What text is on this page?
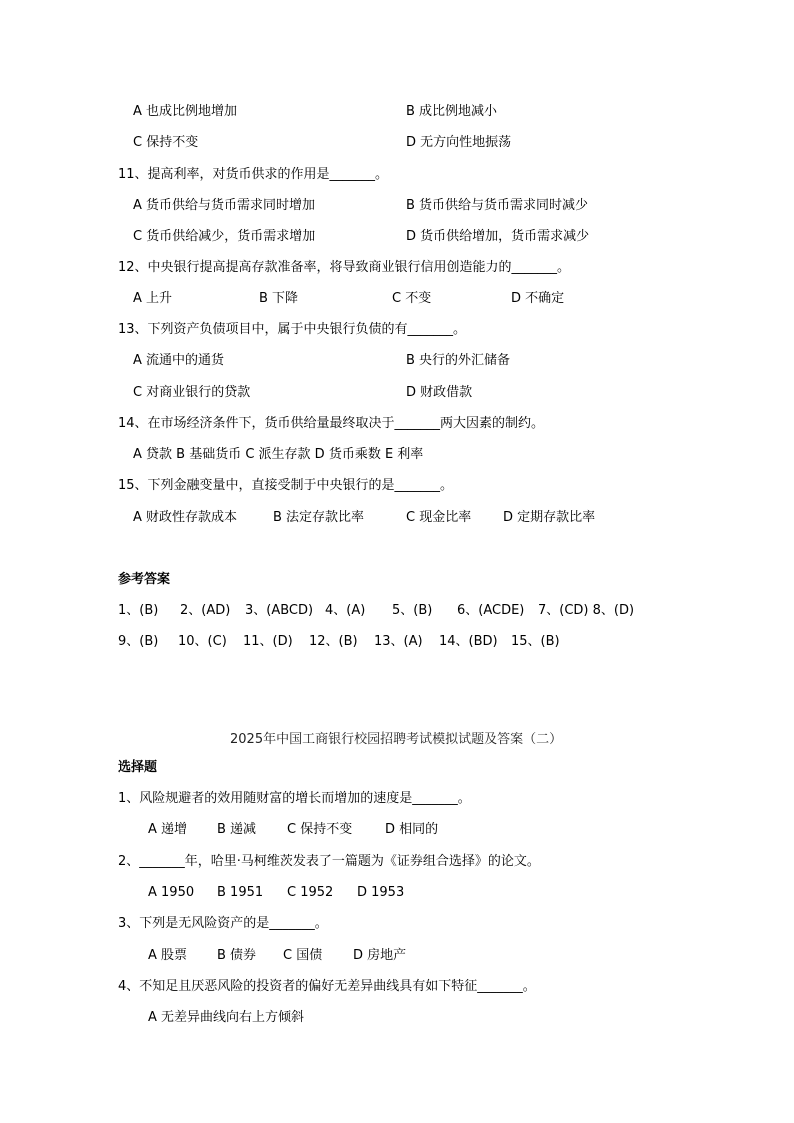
A 也成比例地增加	B 成比例地减小
C 保持不变	D 无方向性地振荡
11、提高利率，对货币供求的作用是_______。
A 货币供给与货币需求同时增加	B 货币供给与货币需求同时减少
C 货币供给减少，货币需求增加	D 货币供给增加，货币需求减少
12、中央银行提高提高存款准备率，将导致商业银行信用创造能力的_______。
A 上升	B 下降	C 不变	D 不确定
13、下列资产负债项目中，属于中央银行负债的有_______。
A 流通中的通货	B 央行的外汇储备
C 对商业银行的贷款	D 财政借款
14、在市场经济条件下，货币供给量最终取决于_______两大因素的制约。
A 贷款 B 基础货币 C 派生存款 D 货币乘数 E 利率
15、下列金融变量中，直接受制于中央银行的是_______。
A 财政性存款成本	B 法定存款比率	C 现金比率 D 定期存款比率
参考答案
1、(B) 2、(AD) 3、(ABCD) 4、(A) 5、(B) 6、(ACDE) 7、(CD) 8、(D)
9、(B) 10、(C) 11、(D) 12、(B) 13、(A) 14、(BD) 15、(B)
2025年中国工商银行校园招聘考试模拟试题及答案（二）
选择题
1、风险规避者的效用随财富的增长而增加的速度是_______。
A 递增 B 递减 C 保持不变	D 相同的
2、_______年，哈里·马柯维茨发表了一篇题为《证券组合选择》的论文。
A 1950 B 1951 C 1952 D 1953
3、下列是无风险资产的是_______。
A 股票 B 债券 C 国债 D 房地产
4、不知足且厌恶风险的投资者的偏好无差异曲线具有如下特征_______。
A 无差异曲线向右上方倾斜
